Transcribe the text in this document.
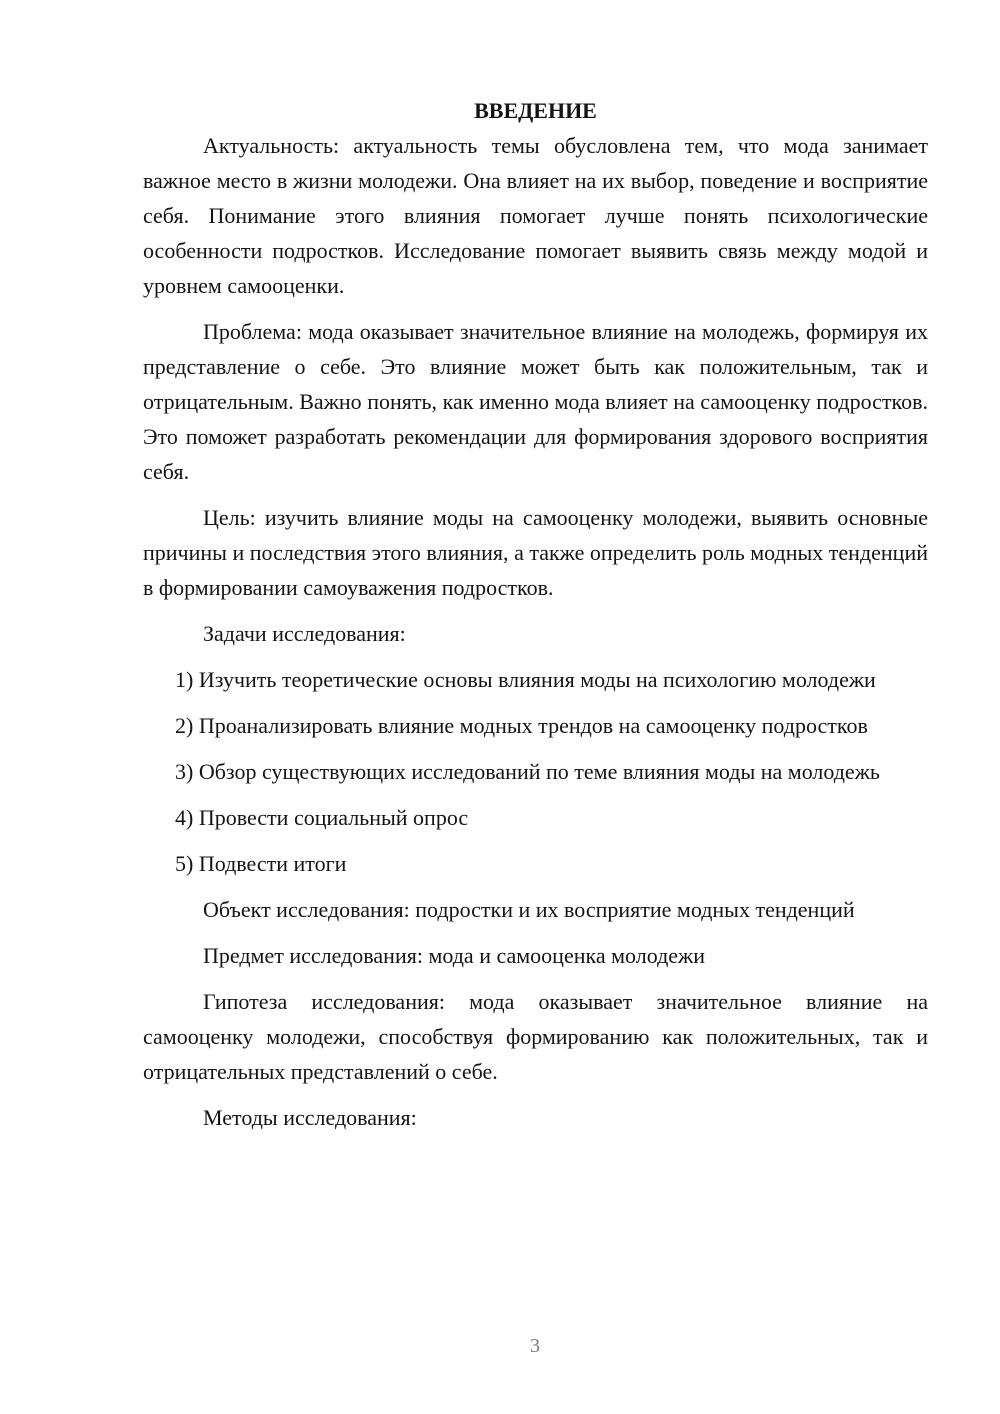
ВВЕДЕНИЕ

Актуальность: актуальность темы обусловлена тем, что мода занимает важное место в жизни молодежи. Она влияет на их выбор, поведение и восприятие себя. Понимание этого влияния помогает лучше понять психологические особенности подростков. Исследование помогает выявить связь между модой и уровнем самооценки.

Проблема: мода оказывает значительное влияние на молодежь, формируя их представление о себе. Это влияние может быть как положительным, так и отрицательным. Важно понять, как именно мода влияет на самооценку подростков. Это поможет разработать рекомендации для формирования здорового восприятия себя.

Цель: изучить влияние моды на самооценку молодежи, выявить основные причины и последствия этого влияния, а также определить роль модных тенденций в формировании самоуважения подростков.

Задачи исследования:

1) Изучить теоретические основы влияния моды на психологию молодежи

2) Проанализировать влияние модных трендов на самооценку подростков

3) Обзор существующих исследований по теме влияния моды на молодежь

4) Провести социальный опрос

5) Подвести итоги

Объект исследования: подростки и их восприятие модных тенденций

Предмет исследования: мода и самооценка молодежи

Гипотеза исследования: мода оказывает значительное влияние на самооценку молодежи, способствуя формированию как положительных, так и отрицательных представлений о себе.

Методы исследования:

3
